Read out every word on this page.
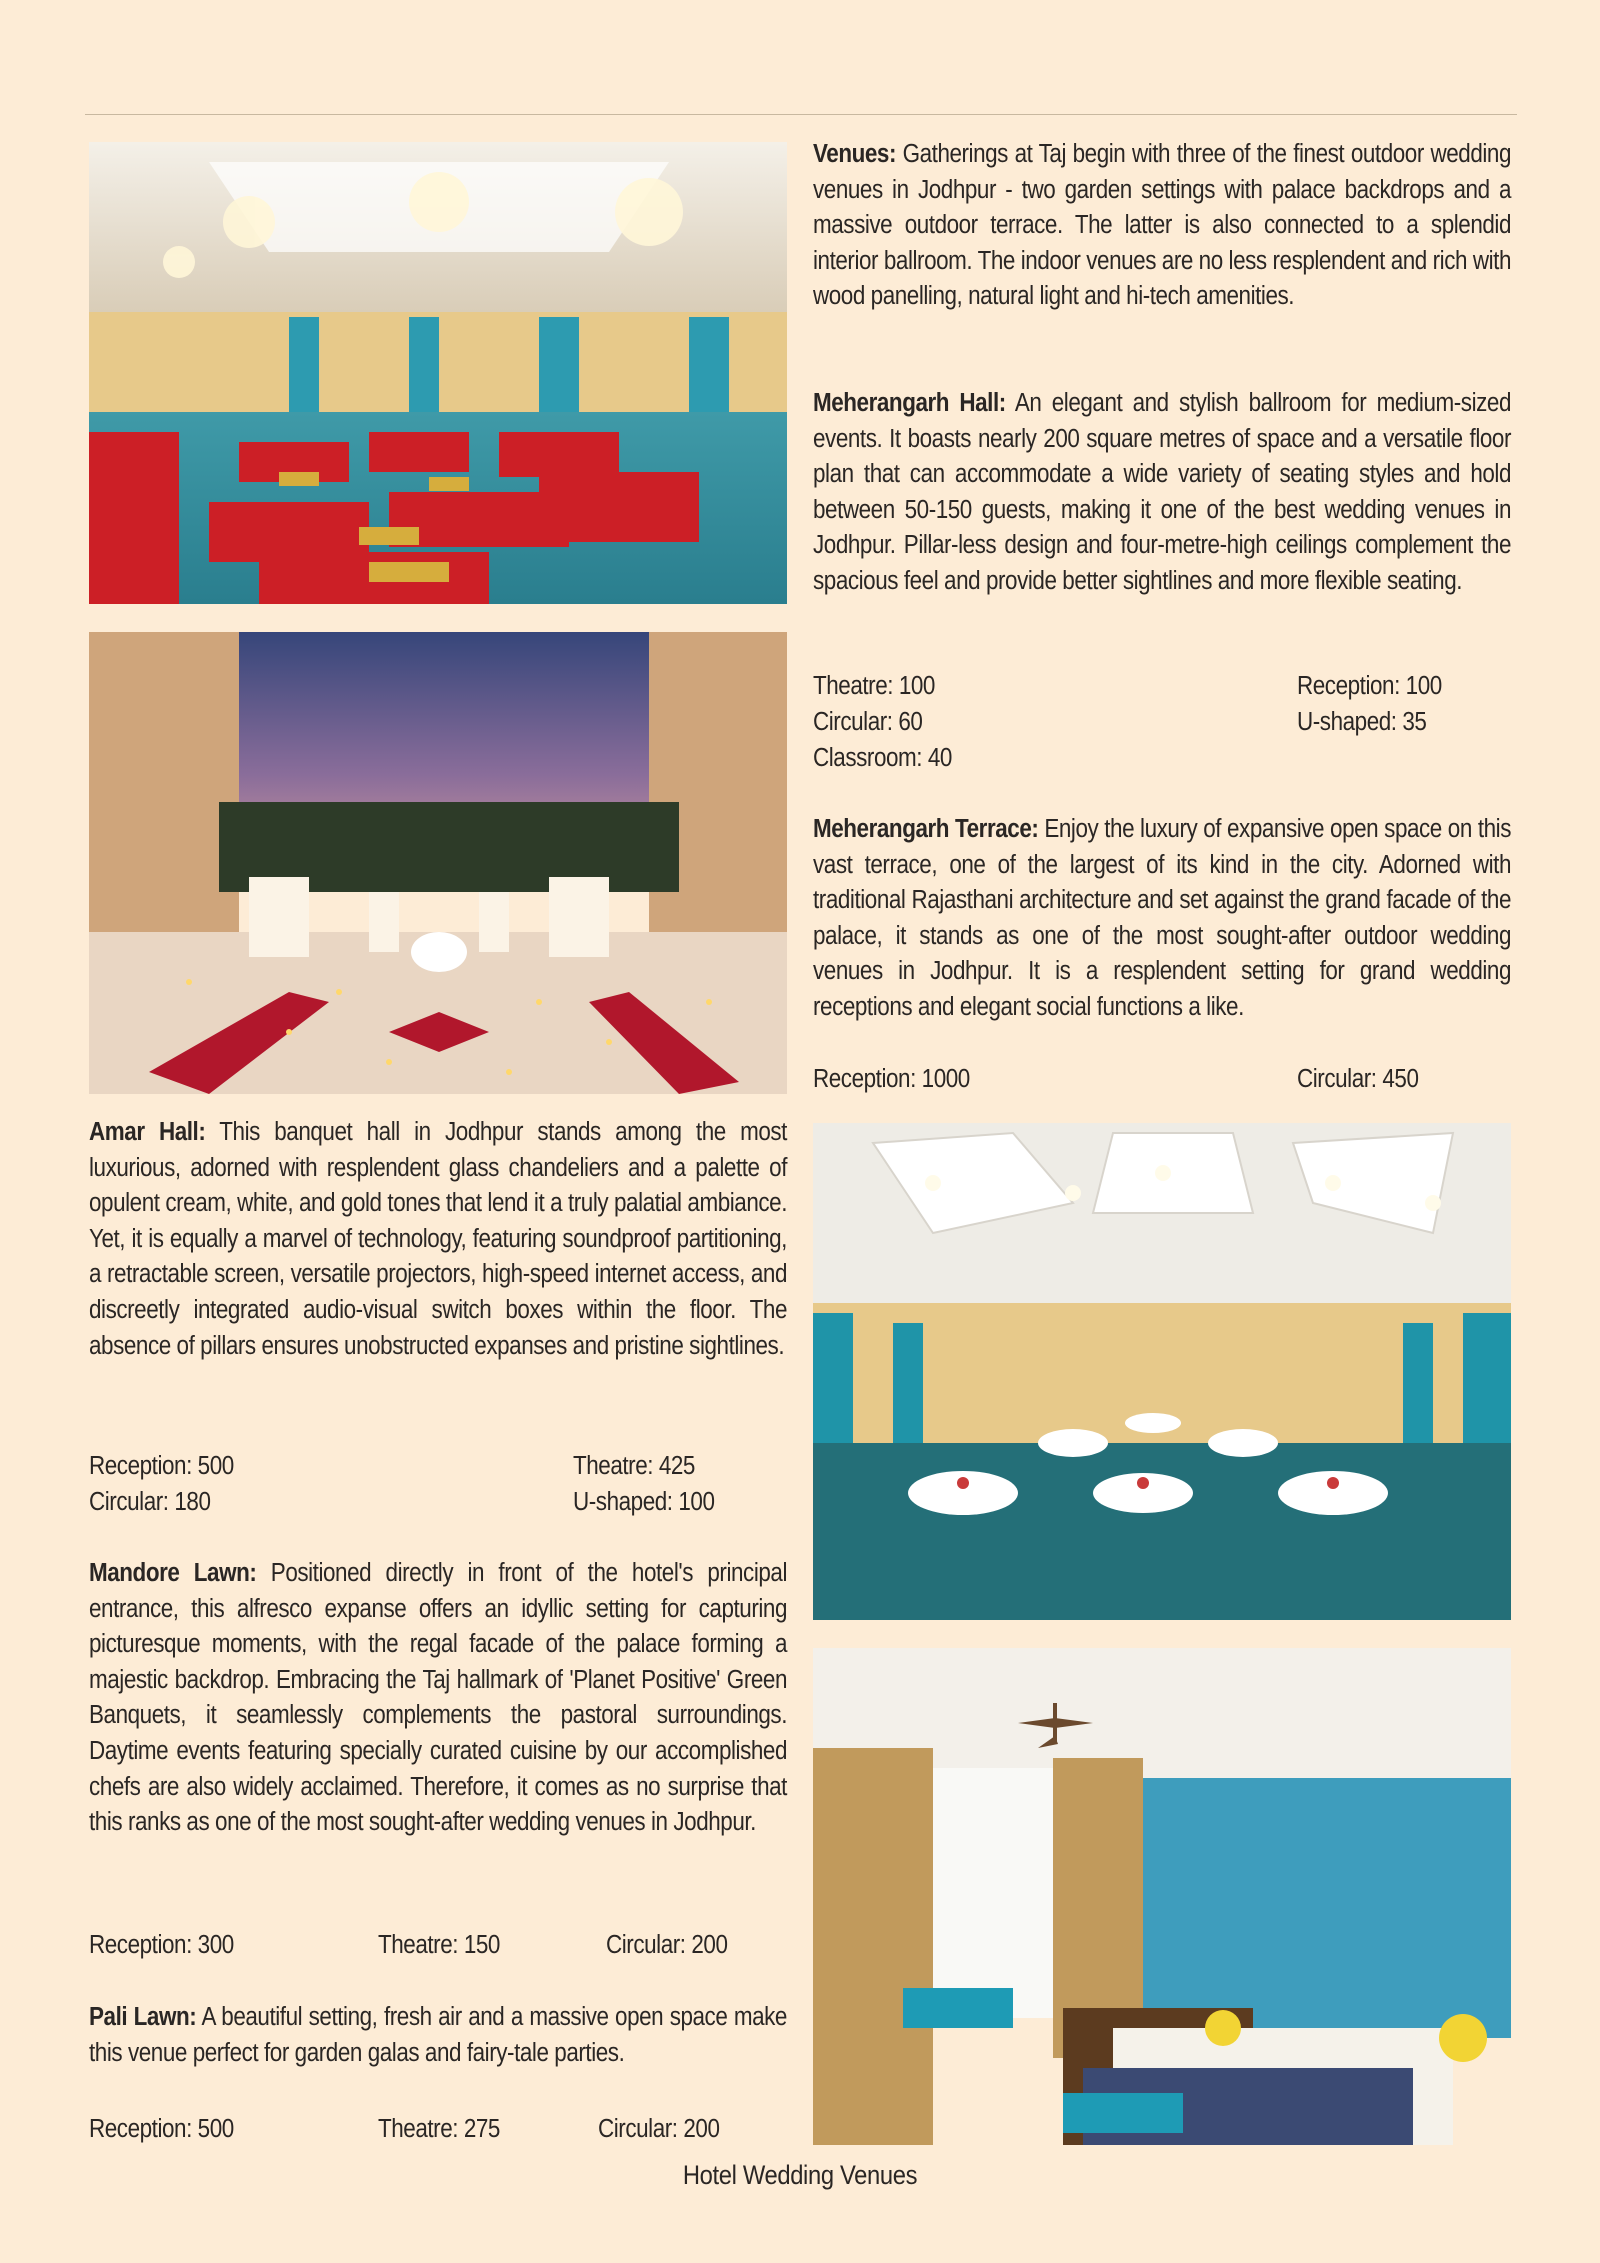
Venues: Gatherings at Taj begin with three of the finest outdoor wedding venues in Jodhpur - two garden settings with palace backdrops and a massive outdoor terrace. The latter is also connected to a splendid interior ballroom. The indoor venues are no less resplendent and rich with wood panelling, natural light and hi-tech amenities.
Meherangarh Hall: An elegant and stylish ballroom for medium-sized events. It boasts nearly 200 square metres of space and a versatile floor plan that can accommodate a wide variety of seating styles and hold between 50-150 guests, making it one of the best wedding venues in Jodhpur. Pillar-less design and four-metre-high ceilings complement the spacious feel and provide better sightlines and more flexible seating.
Theatre: 100	Reception: 100
Circular: 60	U-shaped: 35
Classroom: 40
Meherangarh Terrace: Enjoy the luxury of expansive open space on this vast terrace, one of the largest of its kind in the city. Adorned with traditional Rajasthani architecture and set against the grand facade of the palace, it stands as one of the most sought-after outdoor wedding venues in Jodhpur. It is a resplendent setting for grand wedding receptions and elegant social functions a like.
Reception: 1000	Circular: 450
Amar Hall: This banquet hall in Jodhpur stands among the most luxurious, adorned with resplendent glass chandeliers and a palette of opulent cream, white, and gold tones that lend it a truly palatial ambiance. Yet, it is equally a marvel of technology, featuring soundproof partitioning, a retractable screen, versatile projectors, high-speed internet access, and discreetly integrated audio-visual switch boxes within the floor. The absence of pillars ensures unobstructed expanses and pristine sightlines.
Reception: 500	Theatre: 425
Circular: 180	U-shaped: 100
Mandore Lawn: Positioned directly in front of the hotel's principal entrance, this alfresco expanse offers an idyllic setting for capturing picturesque moments, with the regal facade of the palace forming a majestic backdrop. Embracing the Taj hallmark of 'Planet Positive' Green Banquets, it seamlessly complements the pastoral surroundings. Daytime events featuring specially curated cuisine by our accomplished chefs are also widely acclaimed. Therefore, it comes as no surprise that this ranks as one of the most sought-after wedding venues in Jodhpur.
Reception: 300	Theatre: 150	Circular: 200
Pali Lawn: A beautiful setting, fresh air and a massive open space make this venue perfect for garden galas and fairy-tale parties.
Reception: 500	Theatre: 275	Circular: 200
Hotel Wedding Venues
